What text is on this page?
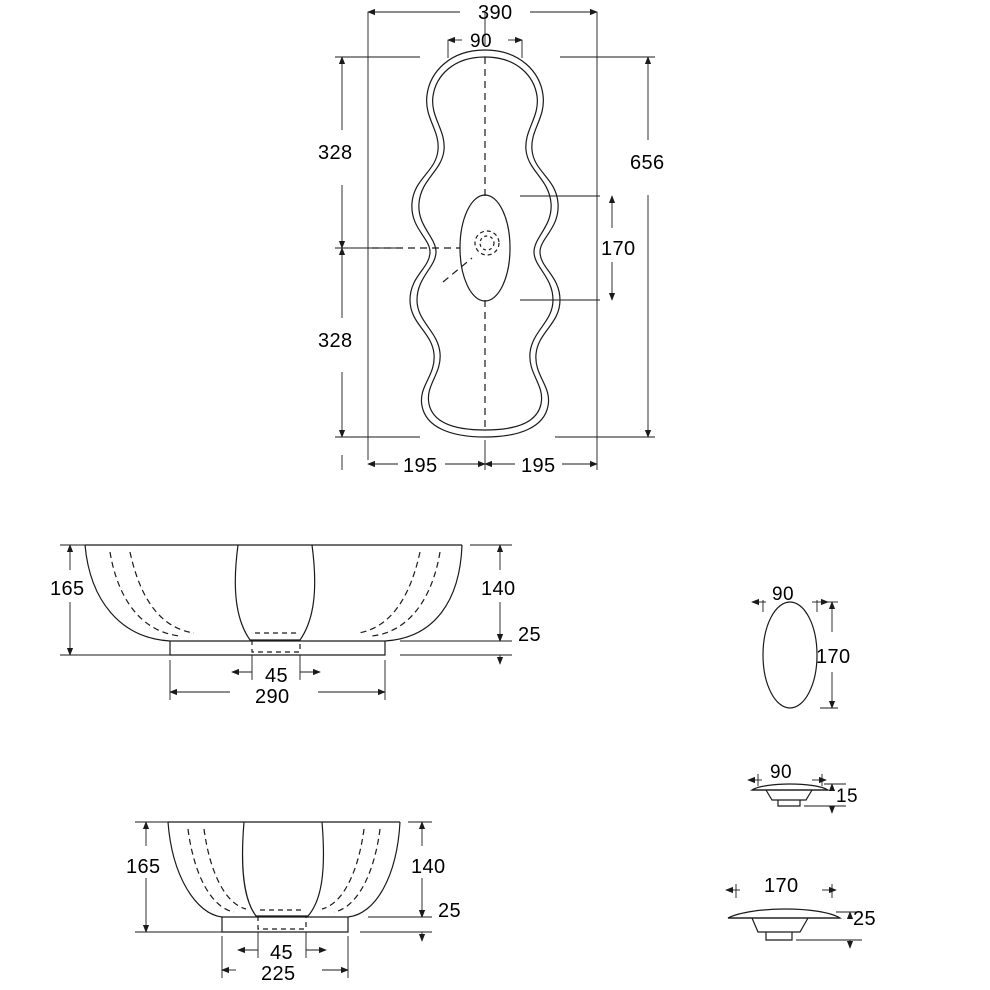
390
90
328	656
170
328
195	195
165	140
25
45
290
165	140
25
45
225
90
170
90
15
170
25
